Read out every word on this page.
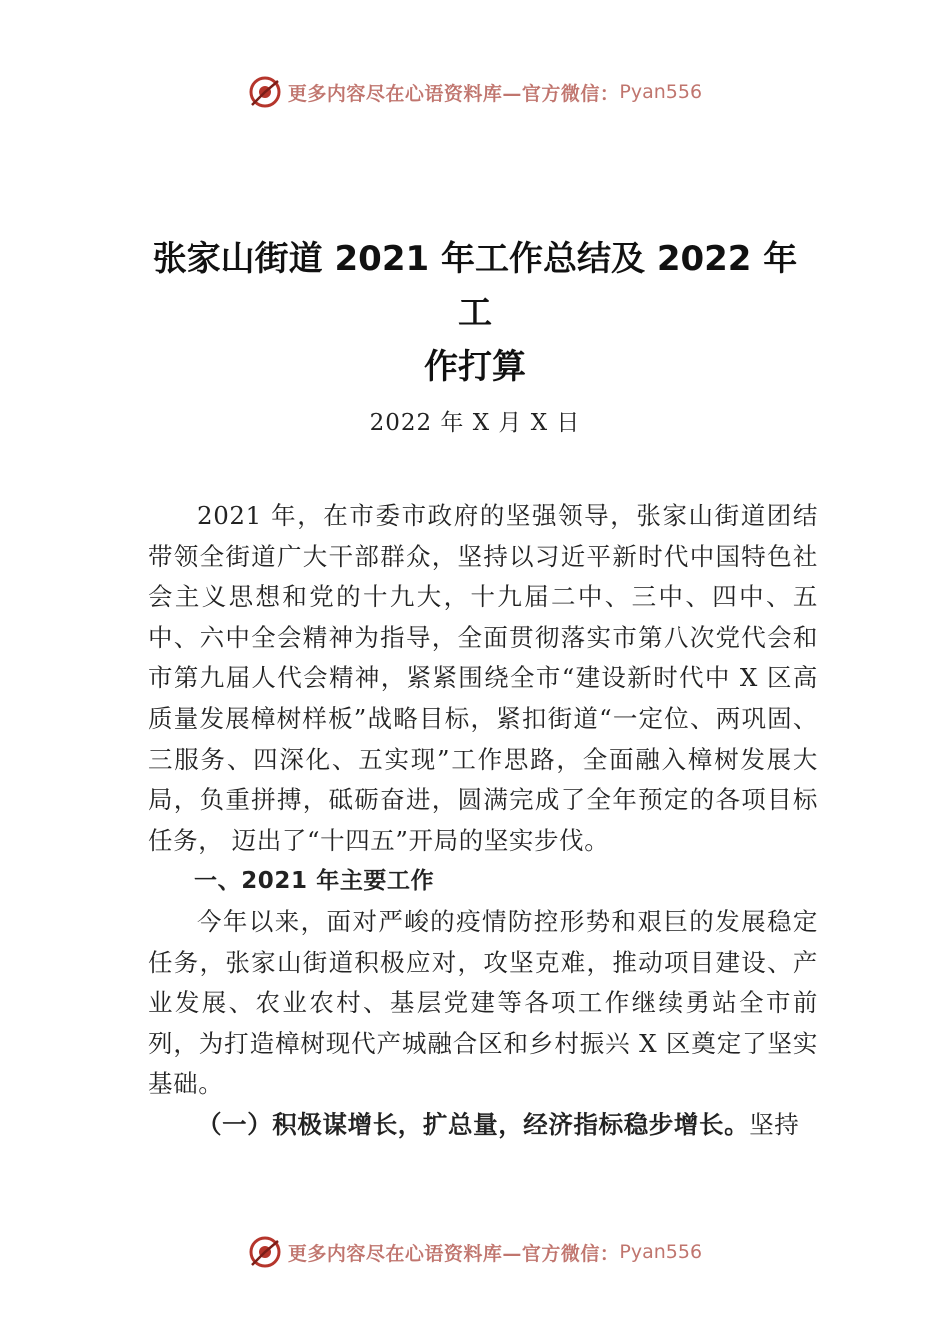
更多内容尽在心语资料库—官方微信： Pyan556
张家山街道 2021 年工作总结及 2022 年
工
作打算
2022 年 X 月 X 日

2021 年，在市委市政府的坚强领导，张家山街道团结带领全街道广大干部群众，坚持以习近平新时代中国特色社会主义思想和党的十九大，十九届二中、三中、四中、五中、六中全会精神为指导，全面贯彻落实市第八次党代会和市第九届人代会精神，紧紧围绕全市“建设新时代中 X 区高质量发展樟树样板”战略目标，紧扣街道“一定位、两巩固、三服务、四深化、五实现”工作思路，全面融入樟树发展大局，负重拼搏，砥砺奋进，圆满完成了全年预定的各项目标任务， 迈出了“十四五”开局的坚实步伐。

一、2021 年主要工作

今年以来，面对严峻的疫情防控形势和艰巨的发展稳定任务，张家山街道积极应对，攻坚克难，推动项目建设、产业发展、农业农村、基层党建等各项工作继续勇站全市前列，为打造樟树现代产城融合区和乡村振兴 X 区奠定了坚实基础。

（一）积极谋增长，扩总量，经济指标稳步增长。坚持

更多内容尽在心语资料库—官方微信： Pyan556
